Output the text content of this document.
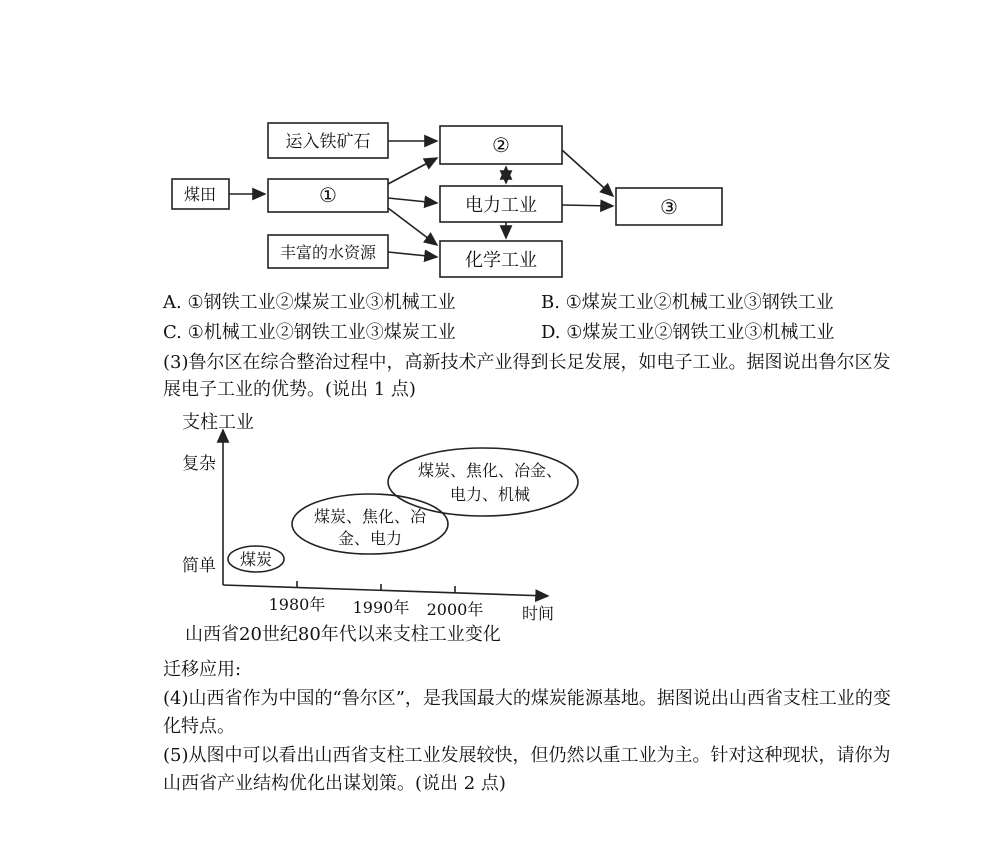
运入铁矿石
煤田	①
丰富的水资源
②
电力工业
化学工业
③
A. ①钢铁工业②煤炭工业③机械工业	B. ①煤炭工业②机械工业③钢铁工业
C. ①机械工业②钢铁工业③煤炭工业	D. ①煤炭工业②钢铁工业③机械工业
(3)鲁尔区在综合整治过程中，高新技术产业得到长足发展，如电子工业。据图说出鲁尔区发
展电子工业的优势。(说出 1 点)
支柱工业
复杂
简单 煤炭
煤炭、焦化、冶
金、电力
煤炭、焦化、冶金、
电力、机械
1980年 1990年 2000年 时间
山西省20世纪80年代以来支柱工业变化
迁移应用:
(4)山西省作为中国的“鲁尔区”，是我国最大的煤炭能源基地。据图说出山西省支柱工业的变
化特点。
(5)从图中可以看出山西省支柱工业发展较快，但仍然以重工业为主。针对这种现状，请你为
山西省产业结构优化出谋划策。(说出 2 点)
